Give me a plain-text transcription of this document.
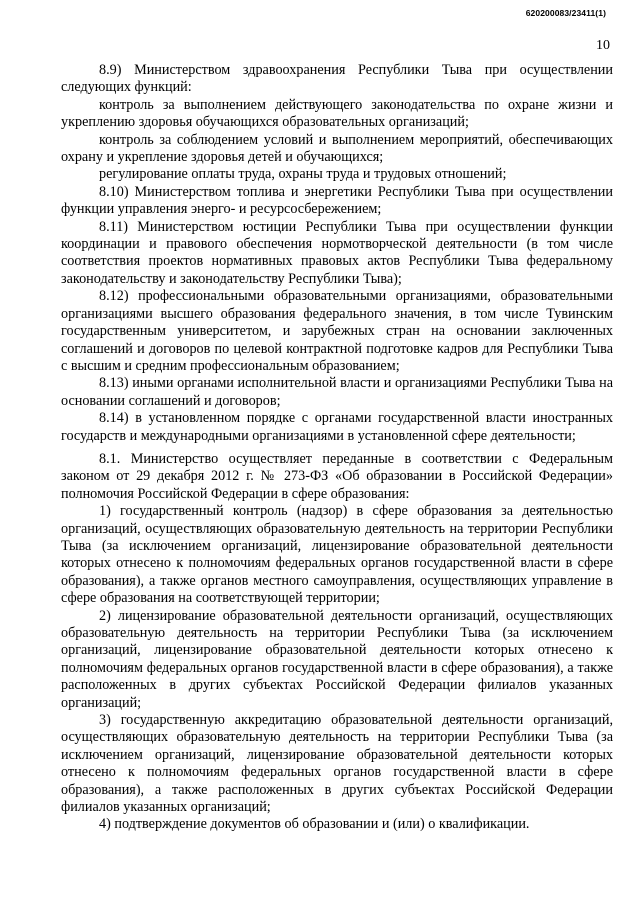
620200083/23411(1)
10

8.9) Министерством здравоохранения Республики Тыва при осуществлении следующих функций:

контроль за выполнением действующего законодательства по охране жизни и укреплению здоровья обучающихся образовательных организаций;

контроль за соблюдением условий и выполнением мероприятий, обеспечивающих охрану и укрепление здоровья детей и обучающихся;

регулирование оплаты труда, охраны труда и трудовых отношений;

8.10) Министерством топлива и энергетики Республики Тыва при осуществлении функции управления энерго- и ресурсосбережением;

8.11) Министерством юстиции Республики Тыва при осуществлении функции координации и правового обеспечения нормотворческой деятельности (в том числе соответствия проектов нормативных правовых актов Республики Тыва федеральному законодательству и законодательству Республики Тыва);

8.12) профессиональными образовательными организациями, образовательными организациями высшего образования федерального значения, в том числе Тувинским государственным университетом, и зарубежных стран на основании заключенных соглашений и договоров по целевой контрактной подготовке кадров для Республики Тыва с высшим и средним профессиональным образованием;

8.13) иными органами исполнительной власти и организациями Республики Тыва на основании соглашений и договоров;

8.14) в установленном порядке с органами государственной власти иностранных государств и международными организациями в установленной сфере деятельности;

8.1. Министерство осуществляет переданные в соответствии с Федеральным законом от 29 декабря 2012 г. № 273-ФЗ «Об образовании в Российской Федерации» полномочия Российской Федерации в сфере образования:

1) государственный контроль (надзор) в сфере образования за деятельностью организаций, осуществляющих образовательную деятельность на территории Республики Тыва (за исключением организаций, лицензирование образовательной деятельности которых отнесено к полномочиям федеральных органов государственной власти в сфере образования), а также органов местного самоуправления, осуществляющих управление в сфере образования на соответствующей территории;

2) лицензирование образовательной деятельности организаций, осуществляющих образовательную деятельность на территории Республики Тыва (за исключением организаций, лицензирование образовательной деятельности которых отнесено к полномочиям федеральных органов государственной власти в сфере образования), а также расположенных в других субъектах Российской Федерации филиалов указанных организаций;

3) государственную аккредитацию образовательной деятельности организаций, осуществляющих образовательную деятельность на территории Республики Тыва (за исключением организаций, лицензирование образовательной деятельности которых отнесено к полномочиям федеральных органов государственной власти в сфере образования), а также расположенных в других субъектах Российской Федерации филиалов указанных организаций;

4) подтверждение документов об образовании и (или) о квалификации.
